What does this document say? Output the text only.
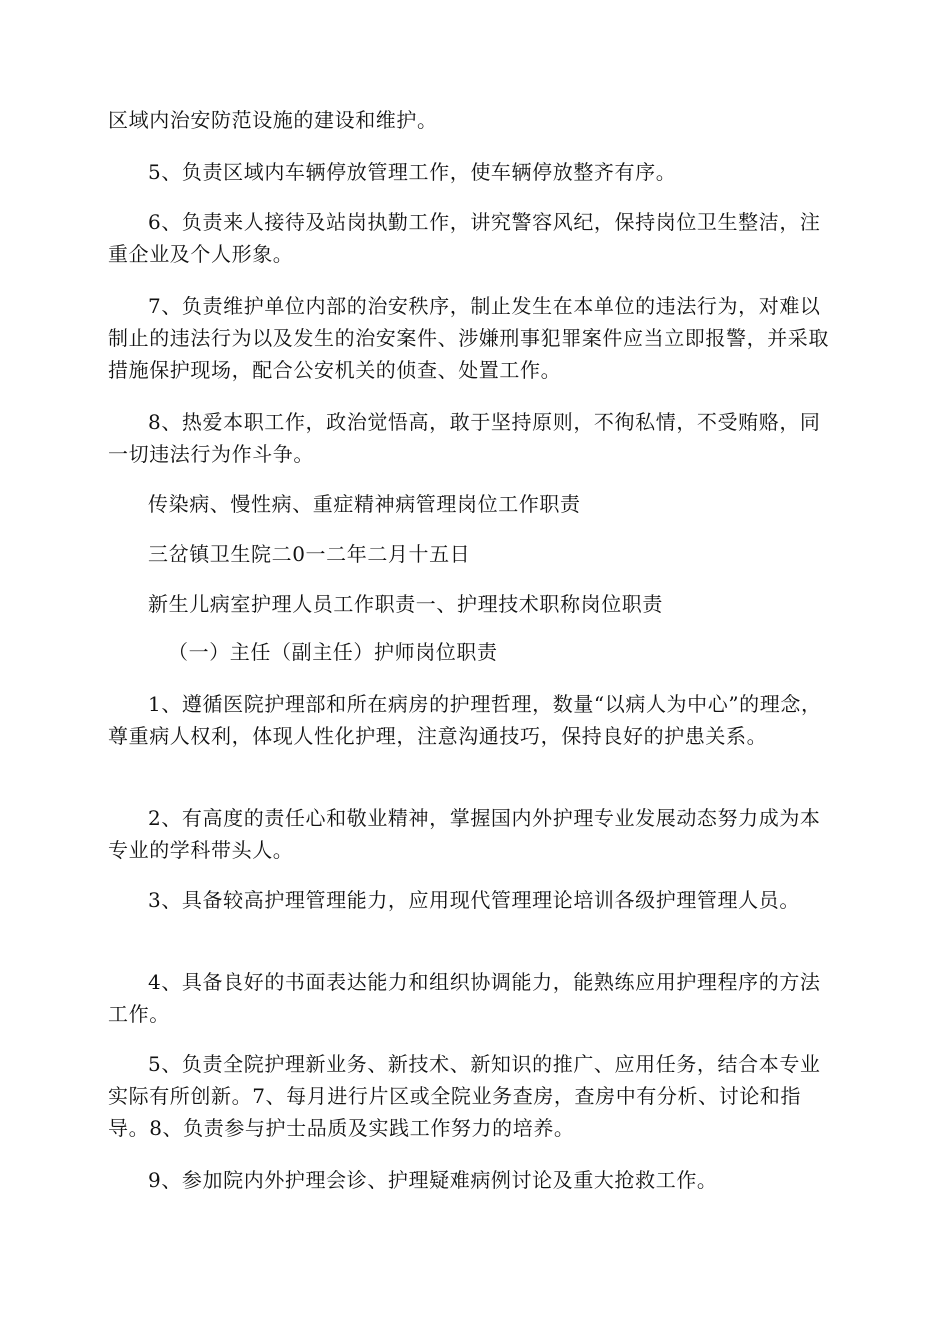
区域内治安防范设施的建设和维护。

5、负责区域内车辆停放管理工作，使车辆停放整齐有序。

6、负责来人接待及站岗执勤工作，讲究警容风纪，保持岗位卫生整洁，注重企业及个人形象。

7、负责维护单位内部的治安秩序，制止发生在本单位的违法行为，对难以制止的违法行为以及发生的治安案件、涉嫌刑事犯罪案件应当立即报警，并采取措施保护现场，配合公安机关的侦查、处置工作。

8、热爱本职工作，政治觉悟高，敢于坚持原则，不徇私情，不受贿赂，同一切违法行为作斗争。

传染病、慢性病、重症精神病管理岗位工作职责

三岔镇卫生院二0一二年二月十五日

新生儿病室护理人员工作职责一、护理技术职称岗位职责

（一）主任（副主任）护师岗位职责

1、遵循医院护理部和所在病房的护理哲理，数量“以病人为中心”的理念，尊重病人权利，体现人性化护理，注意沟通技巧，保持良好的护患关系。

2、有高度的责任心和敬业精神，掌握国内外护理专业发展动态努力成为本专业的学科带头人。

3、具备较高护理管理能力，应用现代管理理论培训各级护理管理人员。

4、具备良好的书面表达能力和组织协调能力，能熟练应用护理程序的方法工作。

5、负责全院护理新业务、新技术、新知识的推广、应用任务，结合本专业实际有所创新。7、每月进行片区或全院业务查房，查房中有分析、讨论和指导。8、负责参与护士品质及实践工作努力的培养。

9、参加院内外护理会诊、护理疑难病例讨论及重大抢救工作。
